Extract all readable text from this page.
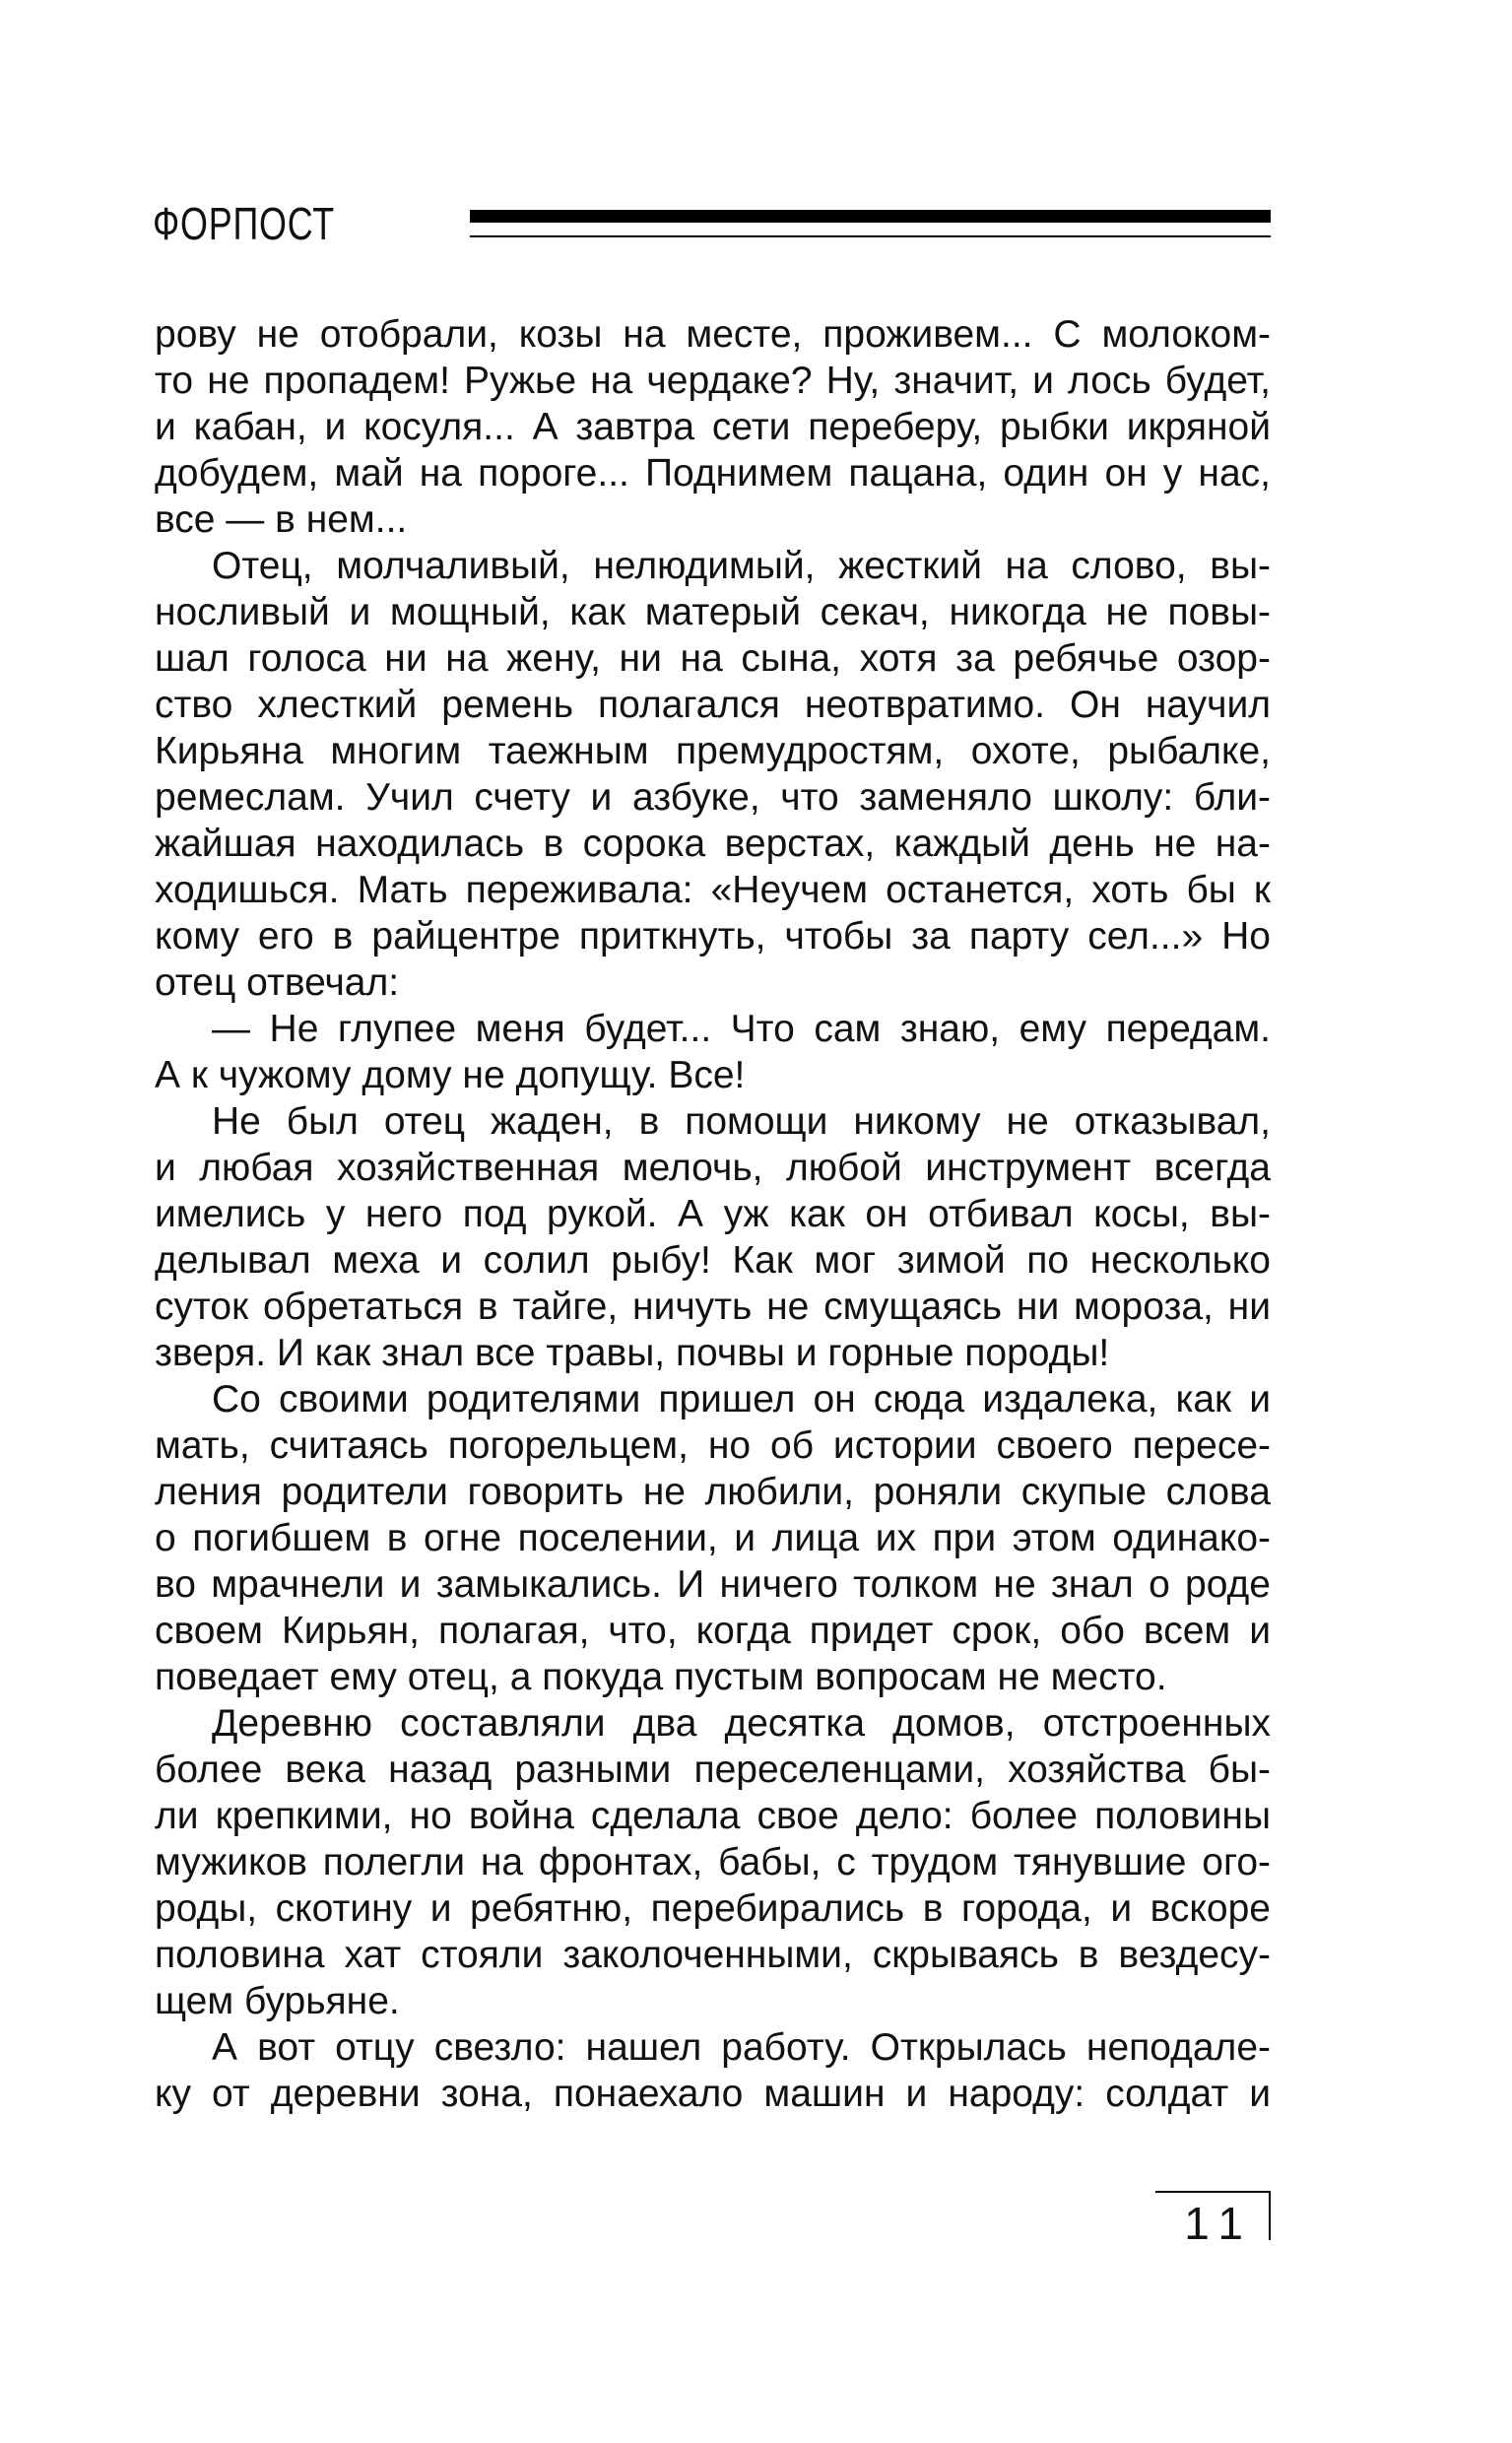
ФОРПОСТ
рову не отобрали, козы на месте, проживем... С молоком-
то не пропадем! Ружье на чердаке? Ну, значит, и лось будет,
и кабан, и косуля... А завтра сети переберу, рыбки икряной
добудем, май на пороге... Поднимем пацана, один он у нас,
все — в нем...
Отец, молчаливый, нелюдимый, жесткий на слово, вы-
носливый и мощный, как матерый секач, никогда не повы-
шал голоса ни на жену, ни на сына, хотя за ребячье озор-
ство хлесткий ремень полагался неотвратимо. Он научил
Кирьяна многим таежным премудростям, охоте, рыбалке,
ремеслам. Учил счету и азбуке, что заменяло школу: бли-
жайшая находилась в сорока верстах, каждый день не на-
ходишься. Мать переживала: «Неучем останется, хоть бы к
кому его в райцентре приткнуть, чтобы за парту сел...» Но
отец отвечал:
— Не глупее меня будет... Что сам знаю, ему передам.
А к чужому дому не допущу. Все!
Не был отец жаден, в помощи никому не отказывал,
и любая хозяйственная мелочь, любой инструмент всегда
имелись у него под рукой. А уж как он отбивал косы, вы-
делывал меха и солил рыбу! Как мог зимой по несколько
суток обретаться в тайге, ничуть не смущаясь ни мороза, ни
зверя. И как знал все травы, почвы и горные породы!
Со своими родителями пришел он сюда издалека, как и
мать, считаясь погорельцем, но об истории своего пересе-
ления родители говорить не любили, роняли скупые слова
о погибшем в огне поселении, и лица их при этом одинако-
во мрачнели и замыкались. И ничего толком не знал о роде
своем Кирьян, полагая, что, когда придет срок, обо всем и
поведает ему отец, а покуда пустым вопросам не место.
Деревню составляли два десятка домов, отстроенных
более века назад разными переселенцами, хозяйства бы-
ли крепкими, но война сделала свое дело: более половины
мужиков полегли на фронтах, бабы, с трудом тянувшие ого-
роды, скотину и ребятню, перебирались в города, и вскоре
половина хат стояли заколоченными, скрываясь в вездесу-
щем бурьяне.
А вот отцу свезло: нашел работу. Открылась неподале-
ку от деревни зона, понаехало машин и народу: солдат и
11
